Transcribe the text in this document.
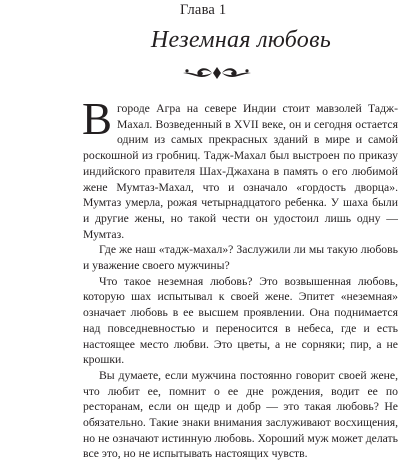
Глава 1
Неземная любовь

Вгороде Агра на севере Индии стоит мавзолей Тадж-Махал. Возведенный в XVII веке, он и сегодня остается одним из самых прекрасных зданий в мире и самой роскошной из гробниц. Тадж-Махал был выстроен по приказу индийского правителя Шах-Джахана в память о его любимой жене Мумтаз-Махал, что и означало «гордость дворца». Мумтаз умерла, рожая четырнадцатого ребенка. У шаха были и другие жены, но такой чести он удостоил лишь одну — Мумтаз.

Где же наш «тадж-махал»? Заслужили ли мы такую любовь и уважение своего мужчины?

Что такое неземная любовь? Это возвышенная любовь, которую шах испытывал к своей жене. Эпитет «неземная» означает любовь в ее высшем проявлении. Она поднимается над повседневностью и переносится в небеса, где и есть настоящее место любви. Это цветы, а не сорняки; пир, а не крошки.

Вы думаете, если мужчина постоянно говорит своей жене, что любит ее, помнит о ее дне рождения, водит ее по ресторанам, если он щедр и добр — это такая любовь? Не обязательно. Такие знаки внимания заслуживают восхищения, но не означают истинную любовь. Хороший муж может делать все это, но не испытывать настоящих чувств.
